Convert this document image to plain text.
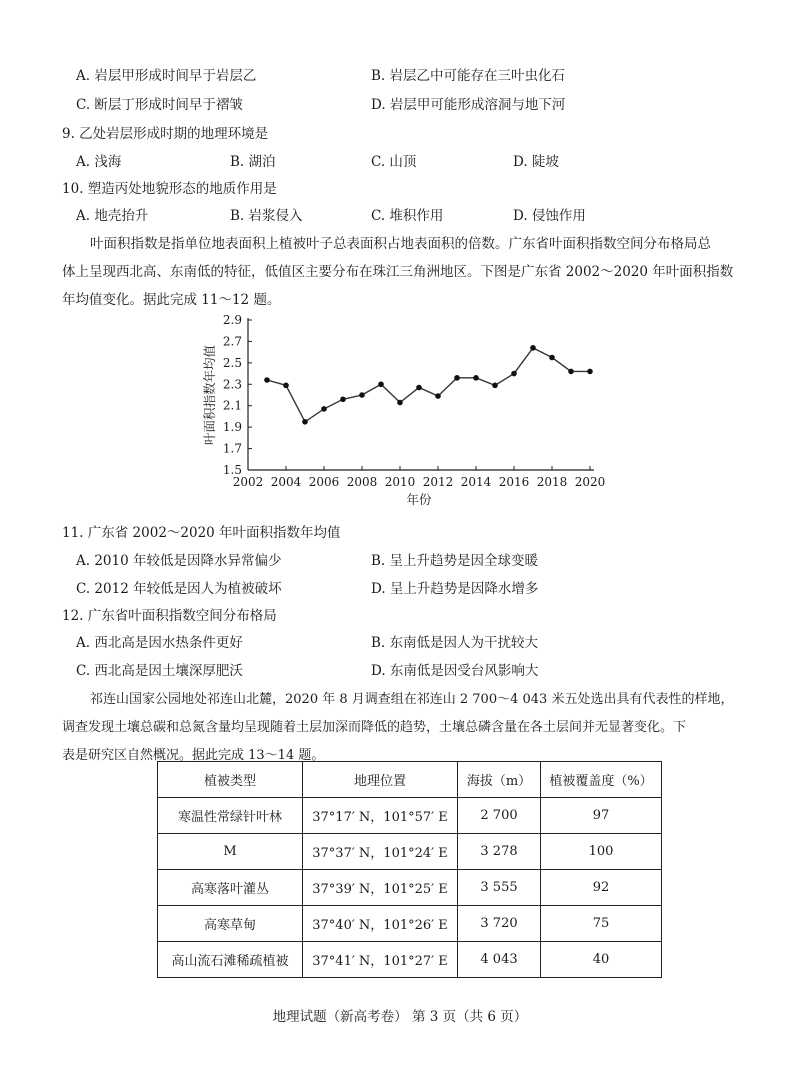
A. 岩层甲形成时间早于岩层乙	B. 岩层乙中可能存在三叶虫化石
C. 断层丁形成时间早于褶皱	D. 岩层甲可能形成溶洞与地下河
9. 乙处岩层形成时期的地理环境是
A. 浅海	B. 湖泊	C. 山顶	D. 陡坡
10. 塑造丙处地貌形态的地质作用是
A. 地壳抬升	B. 岩浆侵入	C. 堆积作用	D. 侵蚀作用
叶面积指数是指单位地表面积上植被叶子总表面积占地表面积的倍数。广东省叶面积指数空间分布格局总
体上呈现西北高、东南低的特征，低值区主要分布在珠江三角洲地区。下图是广东省 2002～2020 年叶面积指数
年均值变化。据此完成 11～12 题。
1.5
1.7
1.9
2.1
2.3
2.5
2.7
2.9
2002 2004 2006 2008 2010 2012 2014 2016 2018 2020
叶面积指数年均值
年份
11. 广东省 2002～2020 年叶面积指数年均值
A. 2010 年较低是因降水异常偏少	B. 呈上升趋势是因全球变暖
C. 2012 年较低是因人为植被破坏	D. 呈上升趋势是因降水增多
12. 广东省叶面积指数空间分布格局
A. 西北高是因水热条件更好	B. 东南低是因人为干扰较大
C. 西北高是因土壤深厚肥沃	D. 东南低是因受台风影响大
祁连山国家公园地处祁连山北麓，2020 年 8 月调查组在祁连山 2 700～4 043 米五处选出具有代表性的样地，
调查发现土壤总碳和总氮含量均呈现随着土层加深而降低的趋势，土壤总磷含量在各土层间并无显著变化。下
表是研究区自然概况。据此完成 13～14 题。
植被类型	地理位置	海拔（m）	植被覆盖度（%）
寒温性常绿针叶林	37°17′ N，101°57′ E	2 700	97
M	37°37′ N，101°24′ E	3 278	100
高寒落叶灌丛	37°39′ N，101°25′ E	3 555	92
高寒草甸	37°40′ N，101°26′ E	3 720	75
高山流石滩稀疏植被	37°41′ N，101°27′ E	4 043	40
地理试题（新高考卷） 第 3 页（共 6 页）
